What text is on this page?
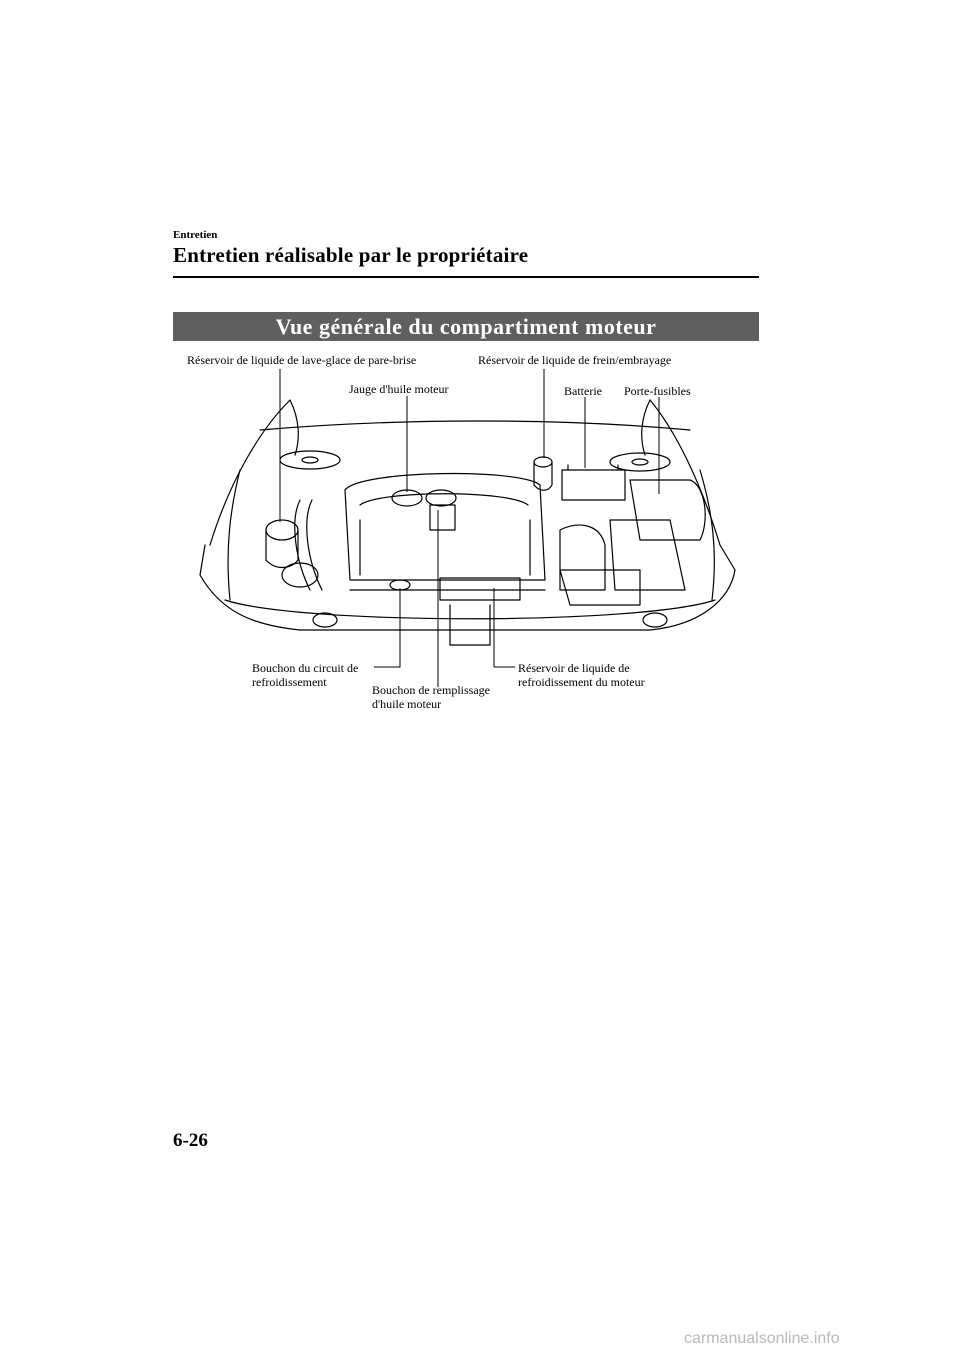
Entretien
Entretien réalisable par le propriétaire
Vue générale du compartiment moteur
Réservoir de liquide de lave-glace de pare-brise	Réservoir de liquide de frein/embrayage
Jauge d'huile moteur	Batterie Porte-fusibles
Bouchon du circuit de
refroidissement
Bouchon de remplissage
d'huile moteur
Réservoir de liquide de
refroidissement du moteur
6-26
carmanualsonline.info
